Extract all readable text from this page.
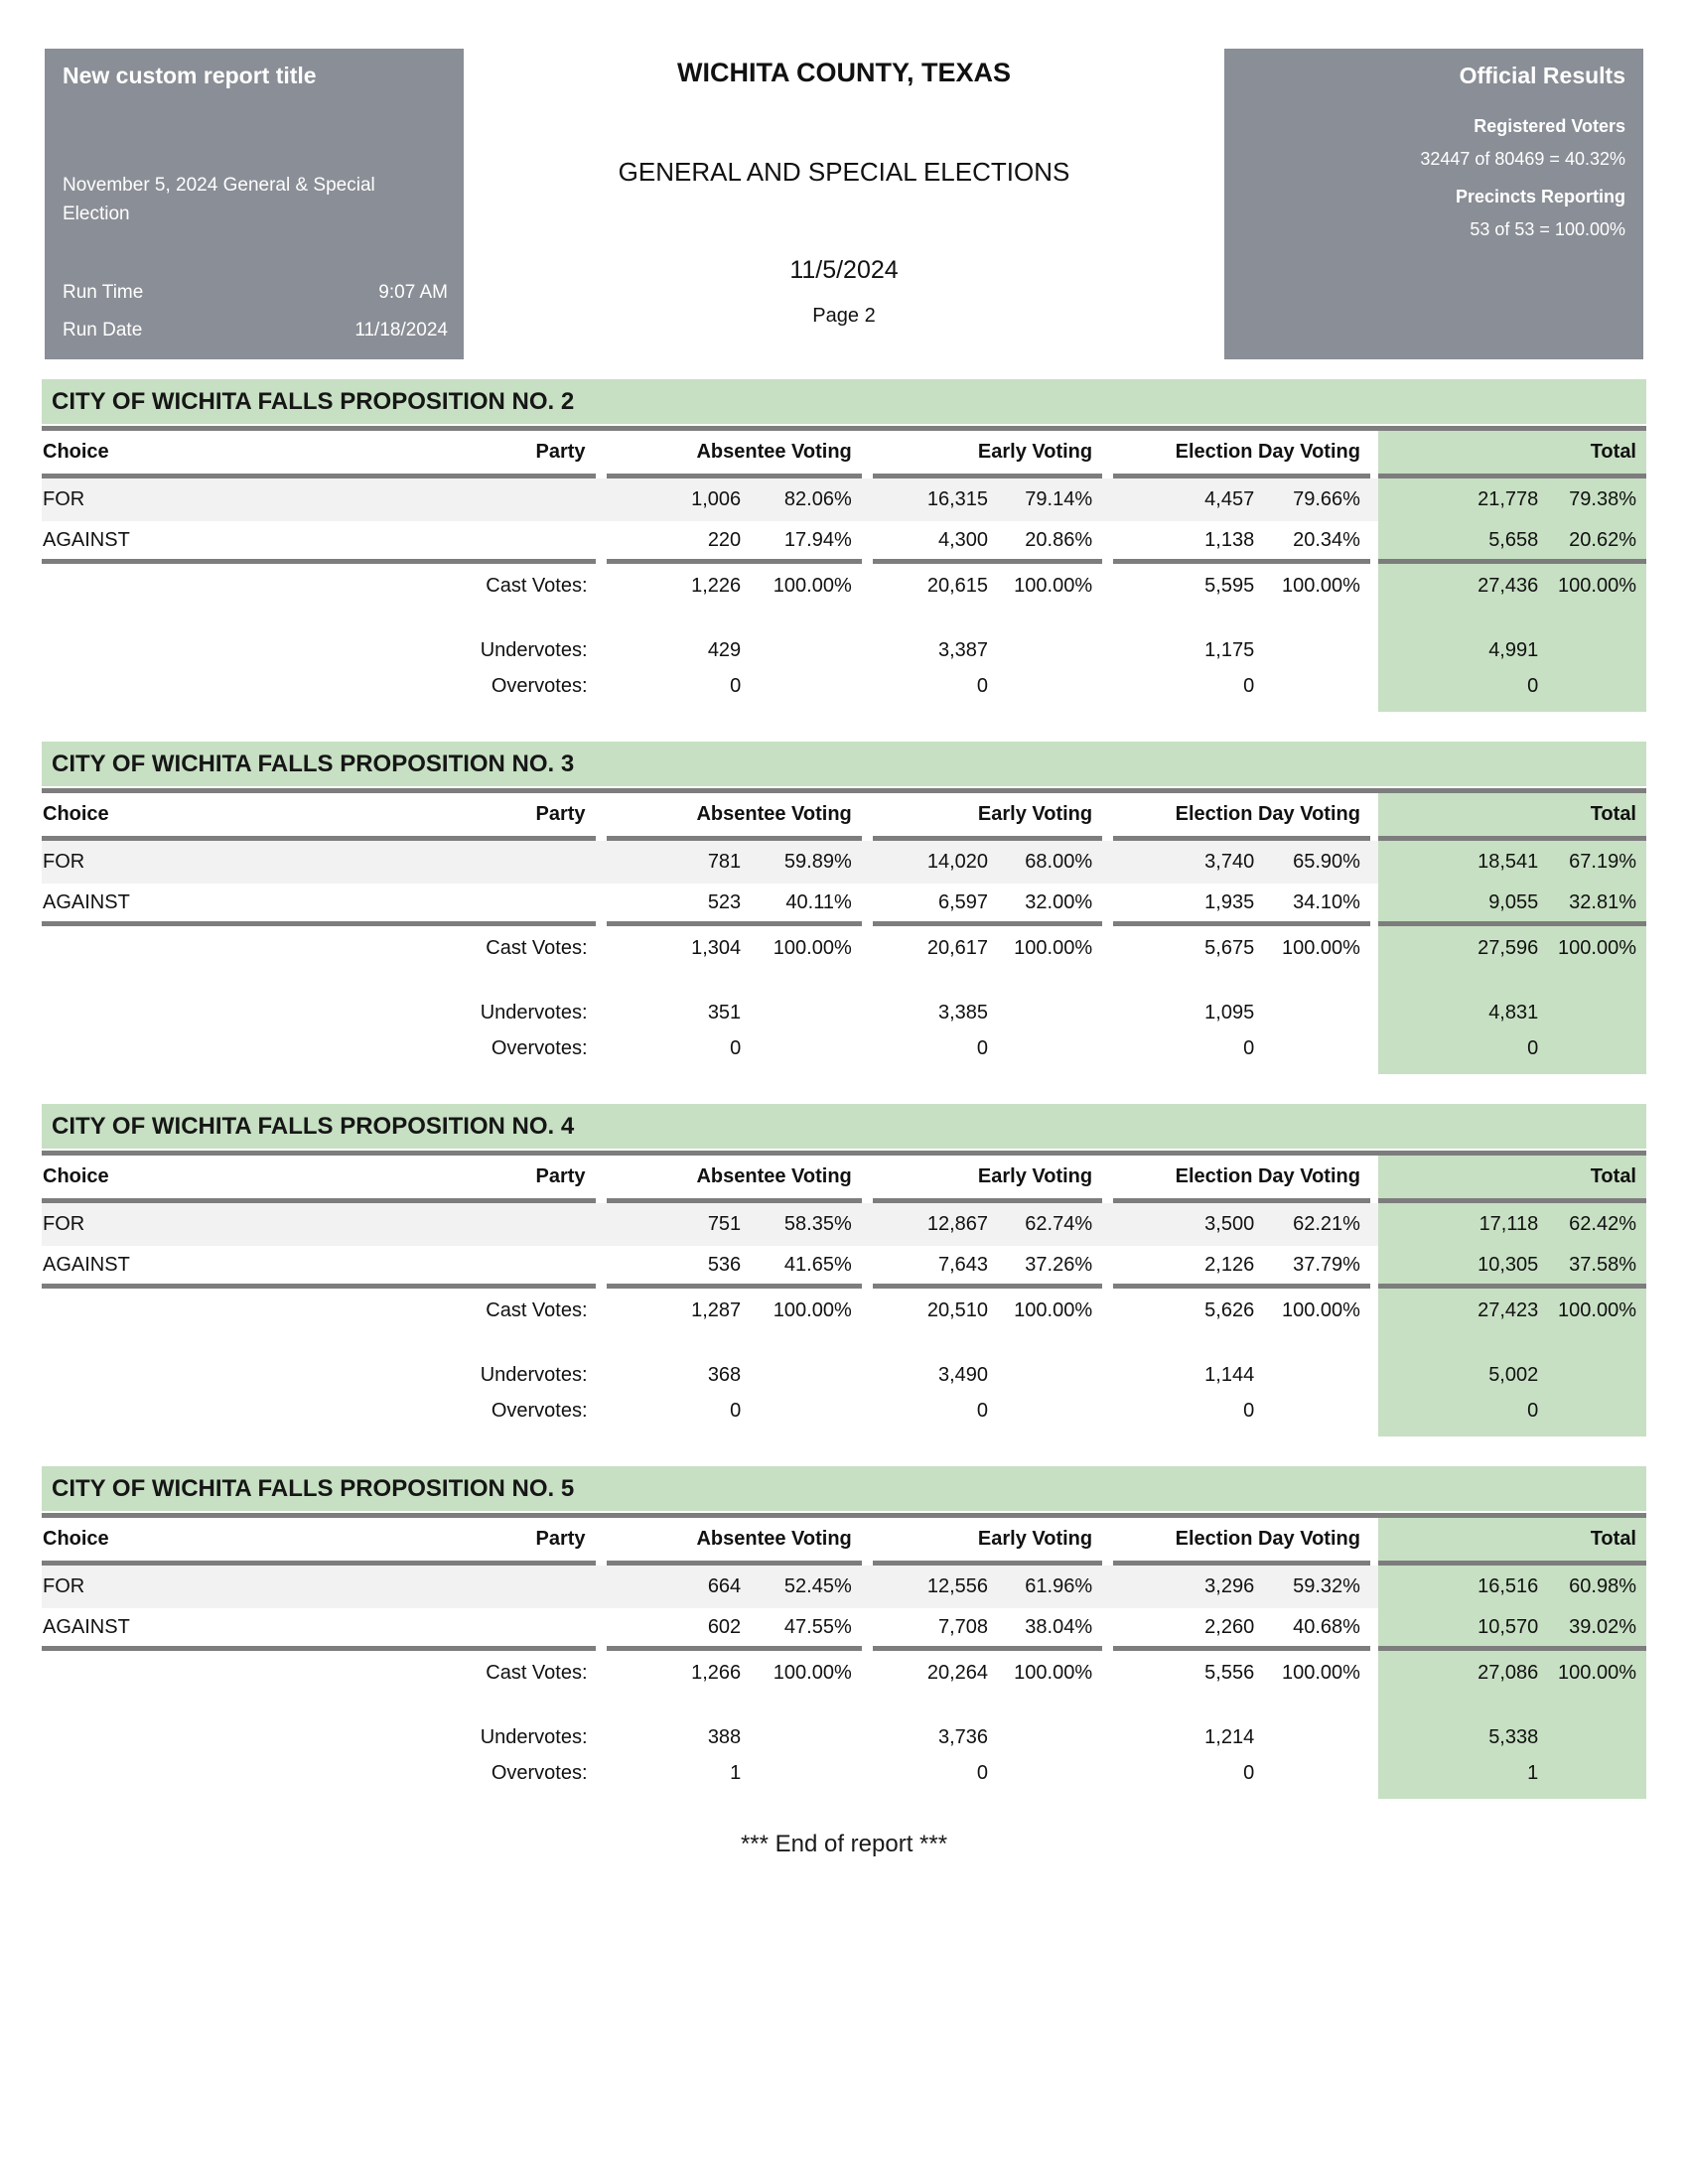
New custom report title
November 5, 2024 General & Special Election
Run Time	9:07 AM
Run Date	11/18/2024
WICHITA COUNTY, TEXAS
GENERAL AND SPECIAL ELECTIONS
11/5/2024
Page 2
Official Results
Registered Voters
32447 of 80469 = 40.32%
Precincts Reporting
53 of 53 = 100.00%
CITY OF WICHITA FALLS PROPOSITION NO. 2
Choice	Party		Absentee Voting			Early Voting			Election Day Voting			Total	
FOR			1,006	82.06%		16,315	79.14%		4,457	79.66%		21,778	79.38%
AGAINST			220	17.94%		4,300	20.86%		1,138	20.34%		5,658	20.62%
Cast Votes:			1,226	100.00%		20,615	100.00%		5,595	100.00%		27,436	100.00%

Undervotes:			429			3,387			1,175			4,991	
Overvotes:			0			0			0			0	

CITY OF WICHITA FALLS PROPOSITION NO. 3
Choice	Party		Absentee Voting			Early Voting			Election Day Voting			Total	
FOR			781	59.89%		14,020	68.00%		3,740	65.90%		18,541	67.19%
AGAINST			523	40.11%		6,597	32.00%		1,935	34.10%		9,055	32.81%
Cast Votes:			1,304	100.00%		20,617	100.00%		5,675	100.00%		27,596	100.00%

Undervotes:			351			3,385			1,095			4,831	
Overvotes:			0			0			0			0	

CITY OF WICHITA FALLS PROPOSITION NO. 4
Choice	Party		Absentee Voting			Early Voting			Election Day Voting			Total	
FOR			751	58.35%		12,867	62.74%		3,500	62.21%		17,118	62.42%
AGAINST			536	41.65%		7,643	37.26%		2,126	37.79%		10,305	37.58%
Cast Votes:			1,287	100.00%		20,510	100.00%		5,626	100.00%		27,423	100.00%

Undervotes:			368			3,490			1,144			5,002	
Overvotes:			0			0			0			0	

CITY OF WICHITA FALLS PROPOSITION NO. 5
Choice	Party		Absentee Voting			Early Voting			Election Day Voting			Total	
FOR			664	52.45%		12,556	61.96%		3,296	59.32%		16,516	60.98%
AGAINST			602	47.55%		7,708	38.04%		2,260	40.68%		10,570	39.02%
Cast Votes:			1,266	100.00%		20,264	100.00%		5,556	100.00%		27,086	100.00%

Undervotes:			388			3,736			1,214			5,338	
Overvotes:			1			0			0			1	

*** End of report ***
